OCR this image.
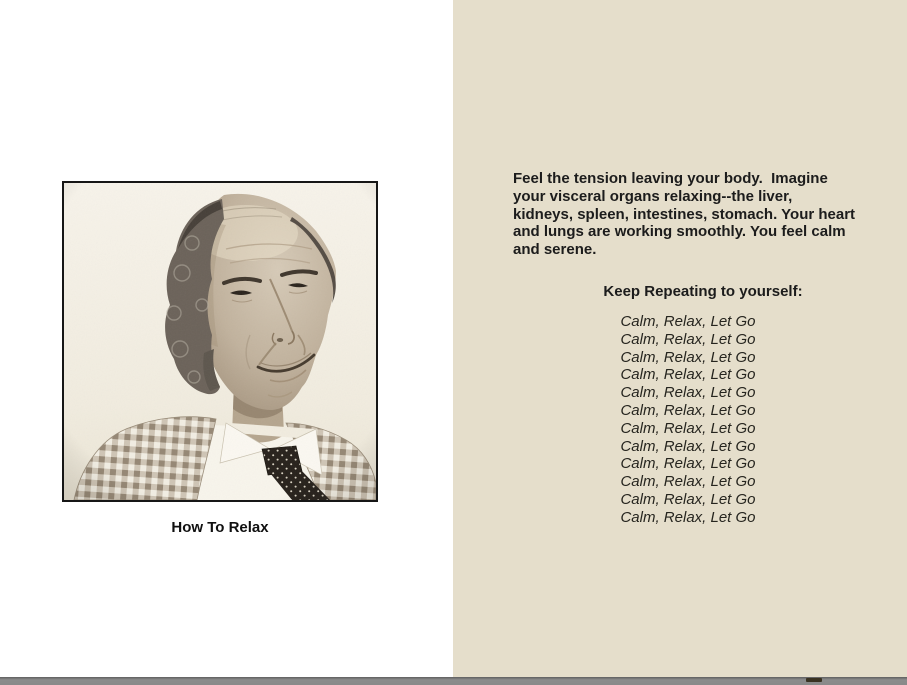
How To Relax
Feel the tension leaving your body.  Imagine
your visceral organs relaxing--the liver,
kidneys, spleen, intestines, stomach. Your heart
and lungs are working smoothly. You feel calm
and serene.
Keep Repeating to yourself:
Calm, Relax, Let Go
Calm, Relax, Let Go
Calm, Relax, Let Go
Calm, Relax, Let Go
Calm, Relax, Let Go
Calm, Relax, Let Go
Calm, Relax, Let Go
Calm, Relax, Let Go
Calm, Relax, Let Go
Calm, Relax, Let Go
Calm, Relax, Let Go
Calm, Relax, Let Go
